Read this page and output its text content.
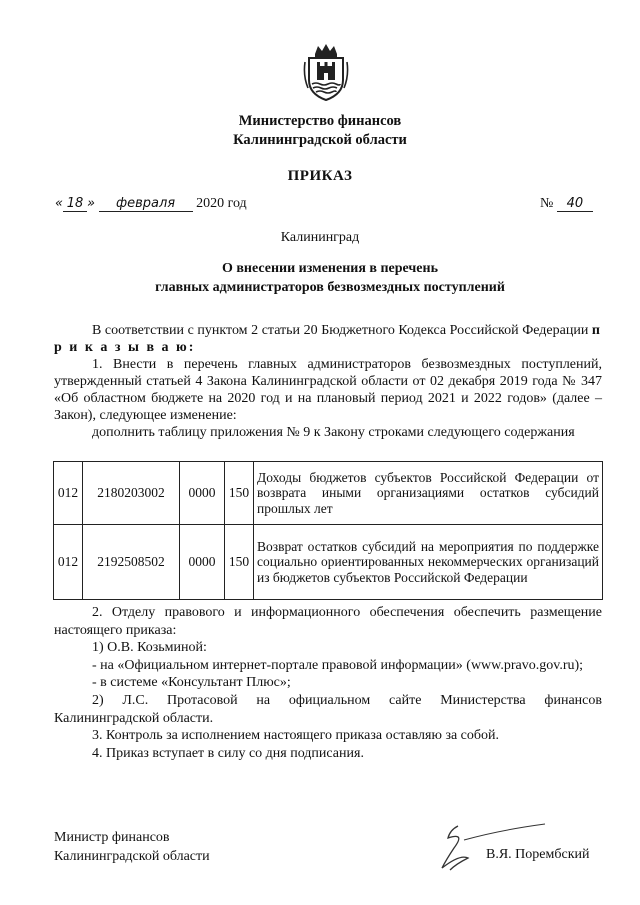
Министерство финансов
Калининградской области
ПРИКАЗ
« 18 » февраля 2020 год	№ 40
Калининград
О внесении изменения в перечень
главных администраторов безвозмездных поступлений

В соответствии с пунктом 2 статьи 20 Бюджетного Кодекса Российской Федерации п р и к а з ы в а ю:

1. Внести в перечень главных администраторов безвозмездных поступлений, утвержденный статьей 4 Закона Калининградской области от 02 декабря 2019 года № 347 «Об областном бюджете на 2020 год и на плановый период 2021 и 2022 годов» (далее – Закон), следующее изменение:

дополнить таблицу приложения № 9 к Закону строками следующего содержания

012	2180203002	0000	150	Доходы бюджетов субъектов Российской Федерации от возврата иными организациями остатков субсидий прошлых лет
012	2192508502	0000	150	Возврат остатков субсидий на мероприятия по поддержке социально ориентированных некоммерческих организаций из бюджетов субъектов Российской Федерации

2. Отделу правового и информационного обеспечения обеспечить размещение настоящего приказа:

1) О.В. Козьминой:

- на «Официальном интернет-портале правовой информации» (www.pravo.gov.ru);

- в системе «Консультант Плюс»;

2) Л.С. Протасовой на официальном сайте Министерства финансов Калининградской области.

3. Контроль за исполнением настоящего приказа оставляю за собой.

4. Приказ вступает в силу со дня подписания.

Министр финансов
Калининградской области	В.Я. Порембский
